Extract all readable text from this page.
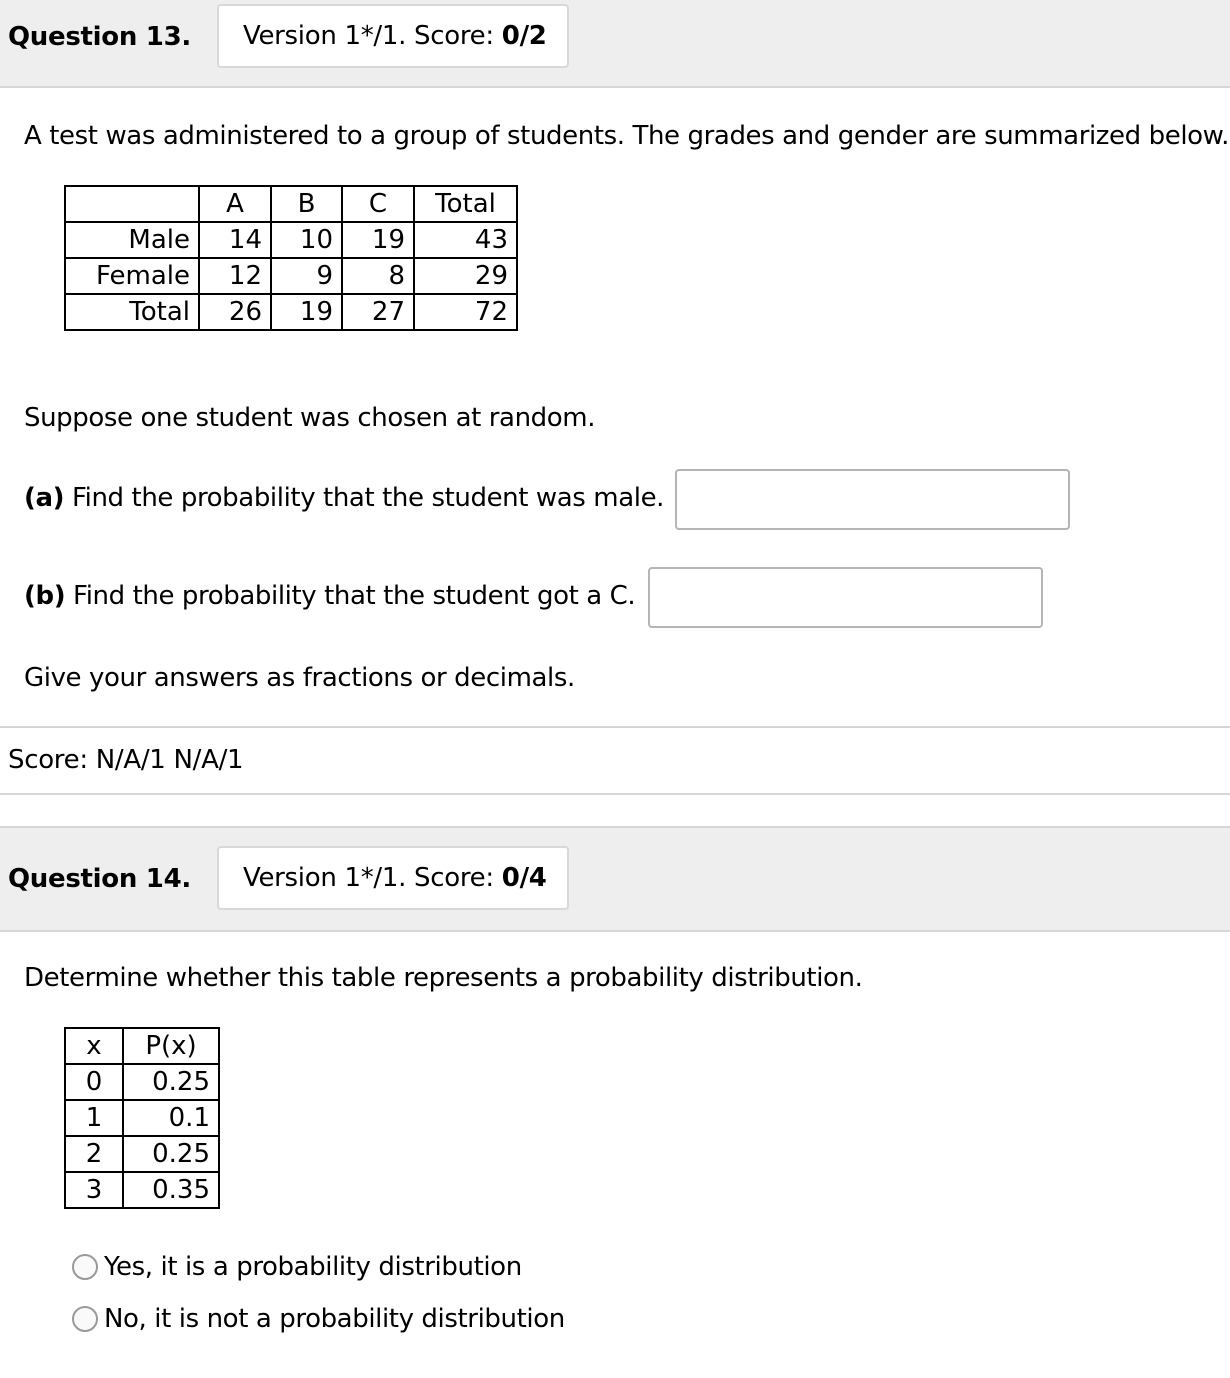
Question 13.	Version 1*/1. Score: 0/2
A test was administered to a group of students. The grades and gender are summarized below.
	A	B	C	Total
Male	14	10	19	43
Female	12	9	8	29
Total	26	19	27	72
Suppose one student was chosen at random.
(a) Find the probability that the student was male.
(b) Find the probability that the student got a C.
Give your answers as fractions or decimals.
Score: N/A/1 N/A/1
Question 14.	Version 1*/1. Score: 0/4
Determine whether this table represents a probability distribution.
x	P(x)
0	0.25
1	0.1
2	0.25
3	0.35
Yes, it is a probability distribution
No, it is not a probability distribution
